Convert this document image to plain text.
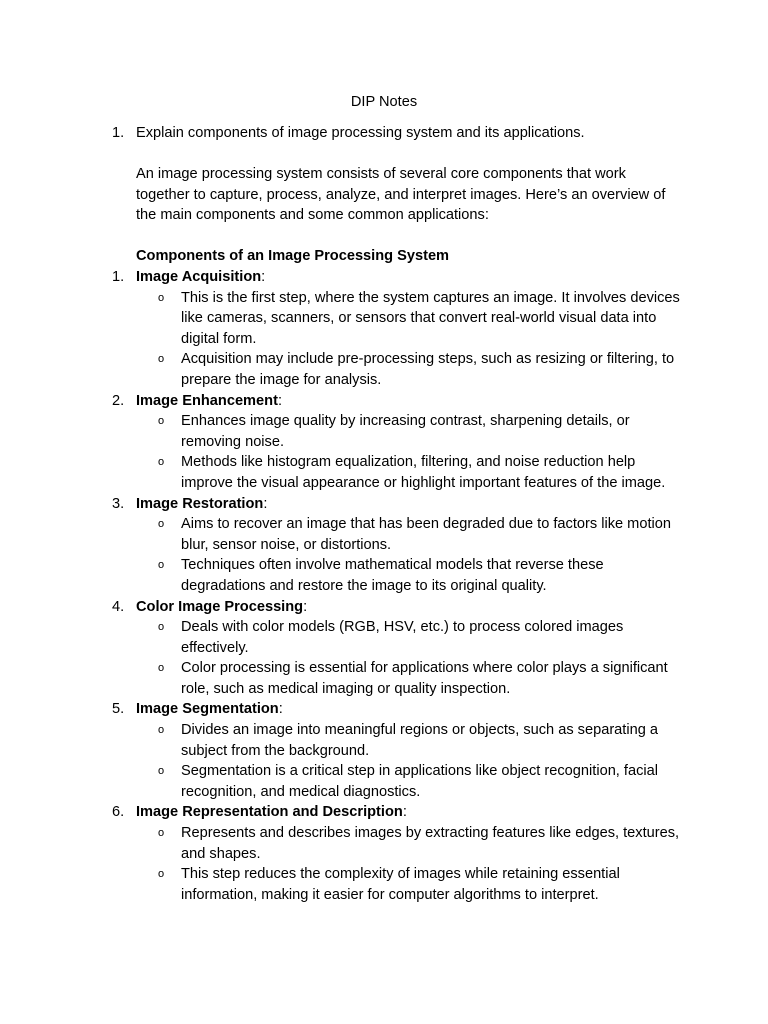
DIP Notes
1. Explain components of image processing system and its applications.
An image processing system consists of several core components that work together to capture, process, analyze, and interpret images. Here’s an overview of the main components and some common applications:
Components of an Image Processing System
1. Image Acquisition:
o This is the first step, where the system captures an image. It involves devices like cameras, scanners, or sensors that convert real-world visual data into digital form.
o Acquisition may include pre-processing steps, such as resizing or filtering, to prepare the image for analysis.
2. Image Enhancement:
o Enhances image quality by increasing contrast, sharpening details, or removing noise.
o Methods like histogram equalization, filtering, and noise reduction help improve the visual appearance or highlight important features of the image.
3. Image Restoration:
o Aims to recover an image that has been degraded due to factors like motion blur, sensor noise, or distortions.
o Techniques often involve mathematical models that reverse these degradations and restore the image to its original quality.
4. Color Image Processing:
o Deals with color models (RGB, HSV, etc.) to process colored images effectively.
o Color processing is essential for applications where color plays a significant role, such as medical imaging or quality inspection.
5. Image Segmentation:
o Divides an image into meaningful regions or objects, such as separating a subject from the background.
o Segmentation is a critical step in applications like object recognition, facial recognition, and medical diagnostics.
6. Image Representation and Description:
o Represents and describes images by extracting features like edges, textures, and shapes.
o This step reduces the complexity of images while retaining essential information, making it easier for computer algorithms to interpret.
